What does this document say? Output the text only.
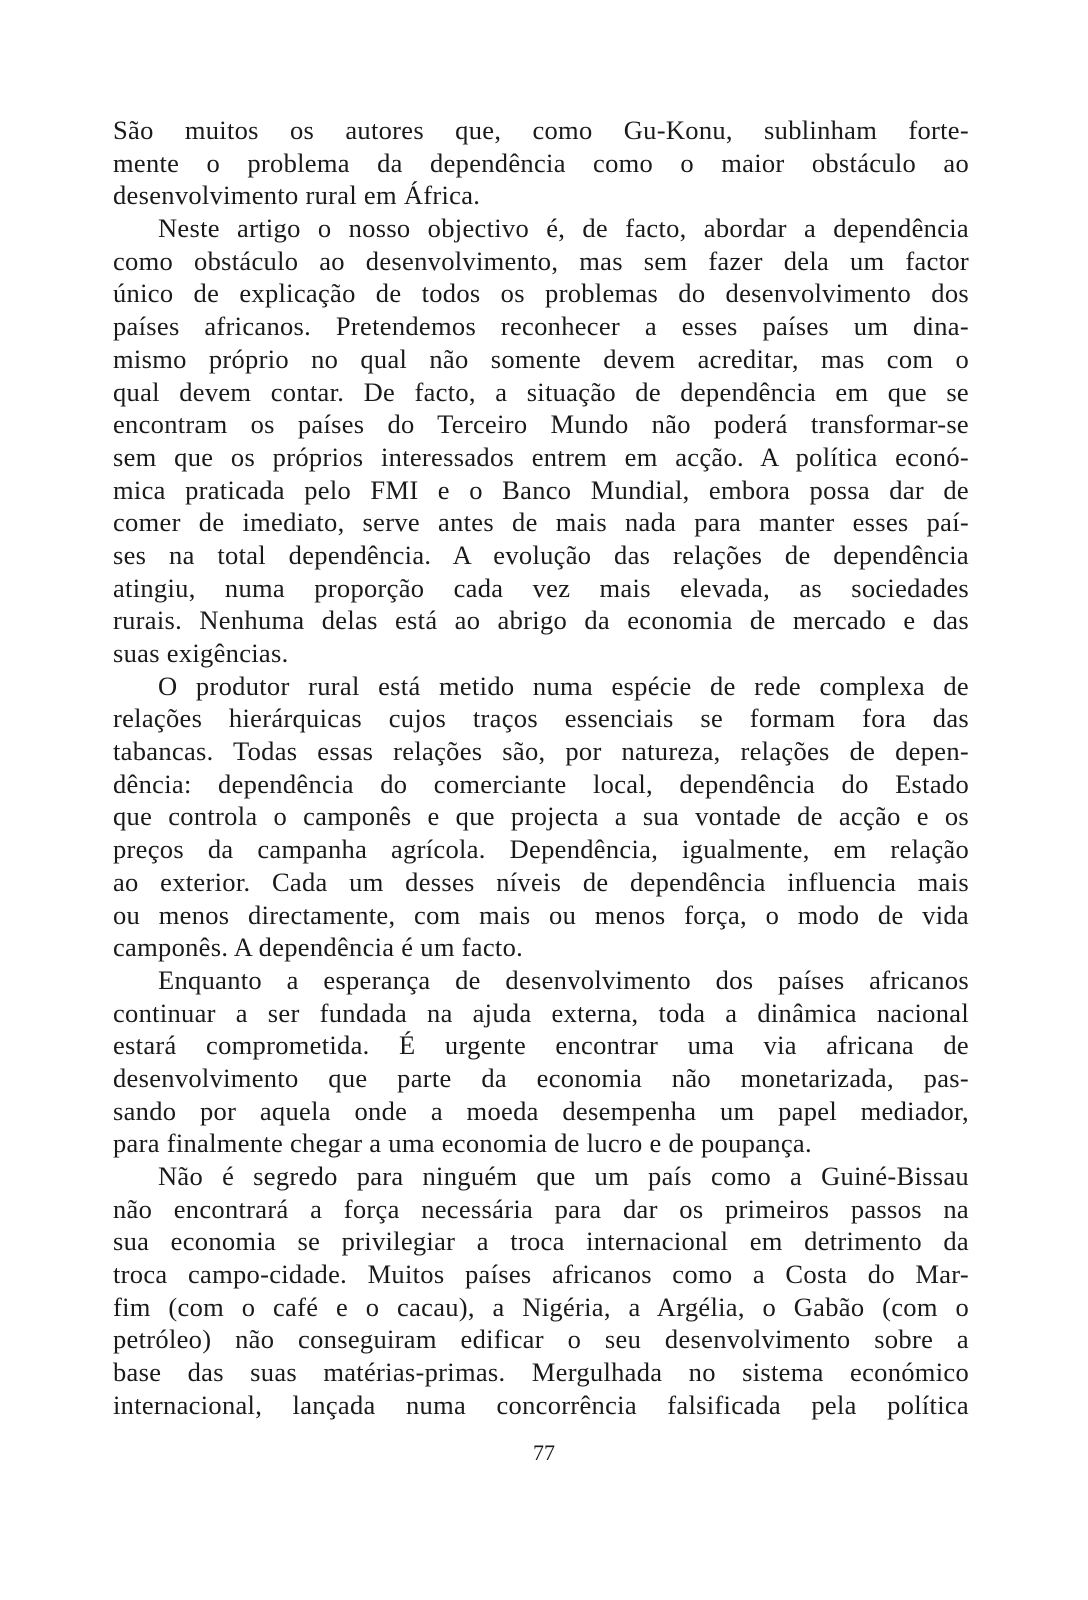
São muitos os autores que, como Gu-Konu, sublinham forte-
mente o problema da dependência como o maior obstáculo ao
desenvolvimento rural em África.
Neste artigo o nosso objectivo é, de facto, abordar a dependência
como obstáculo ao desenvolvimento, mas sem fazer dela um factor
único de explicação de todos os problemas do desenvolvimento dos
países africanos. Pretendemos reconhecer a esses países um dina-
mismo próprio no qual não somente devem acreditar, mas com o
qual devem contar. De facto, a situação de dependência em que se
encontram os países do Terceiro Mundo não poderá transformar-se
sem que os próprios interessados entrem em acção. A política econó-
mica praticada pelo FMI e o Banco Mundial, embora possa dar de
comer de imediato, serve antes de mais nada para manter esses paí-
ses na total dependência. A evolução das relações de dependência
atingiu, numa proporção cada vez mais elevada, as sociedades
rurais. Nenhuma delas está ao abrigo da economia de mercado e das
suas exigências.
O produtor rural está metido numa espécie de rede complexa de
relações hierárquicas cujos traços essenciais se formam fora das
tabancas. Todas essas relações são, por natureza, relações de depen-
dência: dependência do comerciante local, dependência do Estado
que controla o camponês e que projecta a sua vontade de acção e os
preços da campanha agrícola. Dependência, igualmente, em relação
ao exterior. Cada um desses níveis de dependência influencia mais
ou menos directamente, com mais ou menos força, o modo de vida
camponês. A dependência é um facto.
Enquanto a esperança de desenvolvimento dos países africanos
continuar a ser fundada na ajuda externa, toda a dinâmica nacional
estará comprometida. É urgente encontrar uma via africana de
desenvolvimento que parte da economia não monetarizada, pas-
sando por aquela onde a moeda desempenha um papel mediador,
para finalmente chegar a uma economia de lucro e de poupança.
Não é segredo para ninguém que um país como a Guiné-Bissau
não encontrará a força necessária para dar os primeiros passos na
sua economia se privilegiar a troca internacional em detrimento da
troca campo-cidade. Muitos países africanos como a Costa do Mar-
fim (com o café e o cacau), a Nigéria, a Argélia, o Gabão (com o
petróleo) não conseguiram edificar o seu desenvolvimento sobre a
base das suas matérias-primas. Mergulhada no sistema económico
internacional, lançada numa concorrência falsificada pela política
77
